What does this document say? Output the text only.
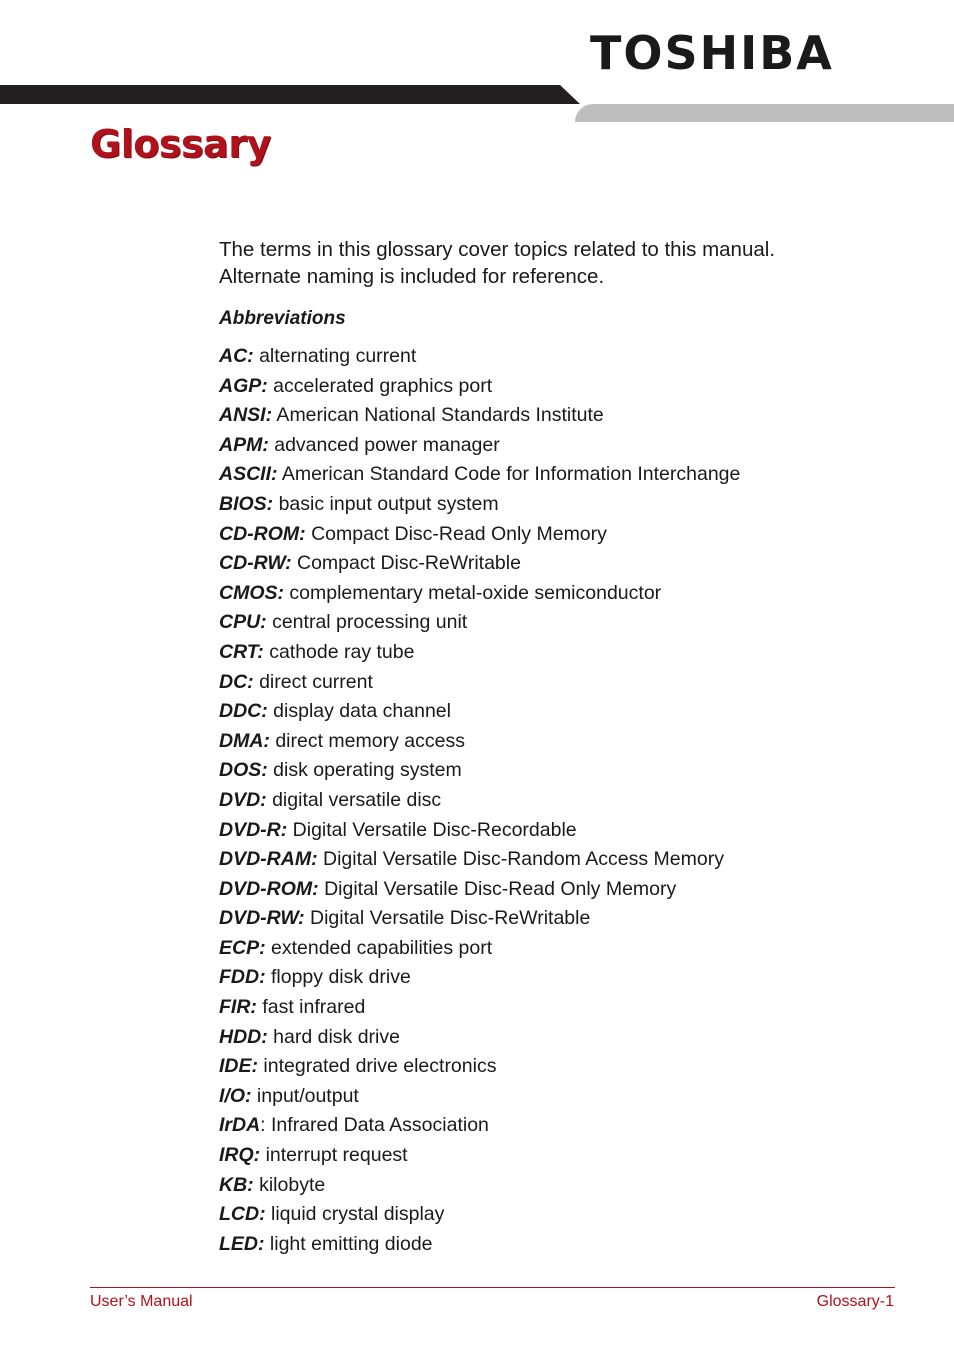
TOSHIBA
Glossary

The terms in this glossary cover topics related to this manual.
Alternate naming is included for reference.

Abbreviations
AC: alternating current
AGP: accelerated graphics port
ANSI: American National Standards Institute
APM: advanced power manager
ASCII: American Standard Code for Information Interchange
BIOS: basic input output system
CD-ROM: Compact Disc-Read Only Memory
CD-RW: Compact Disc-ReWritable
CMOS: complementary metal-oxide semiconductor
CPU: central processing unit
CRT: cathode ray tube
DC: direct current
DDC: display data channel
DMA: direct memory access
DOS: disk operating system
DVD: digital versatile disc
DVD-R: Digital Versatile Disc-Recordable
DVD-RAM: Digital Versatile Disc-Random Access Memory
DVD-ROM: Digital Versatile Disc-Read Only Memory
DVD-RW: Digital Versatile Disc-ReWritable
ECP: extended capabilities port
FDD: floppy disk drive
FIR: fast infrared
HDD: hard disk drive
IDE: integrated drive electronics
I/O: input/output
IrDA: Infrared Data Association
IRQ: interrupt request
KB: kilobyte
LCD: liquid crystal display
LED: light emitting diode
User’s Manual	Glossary-1
